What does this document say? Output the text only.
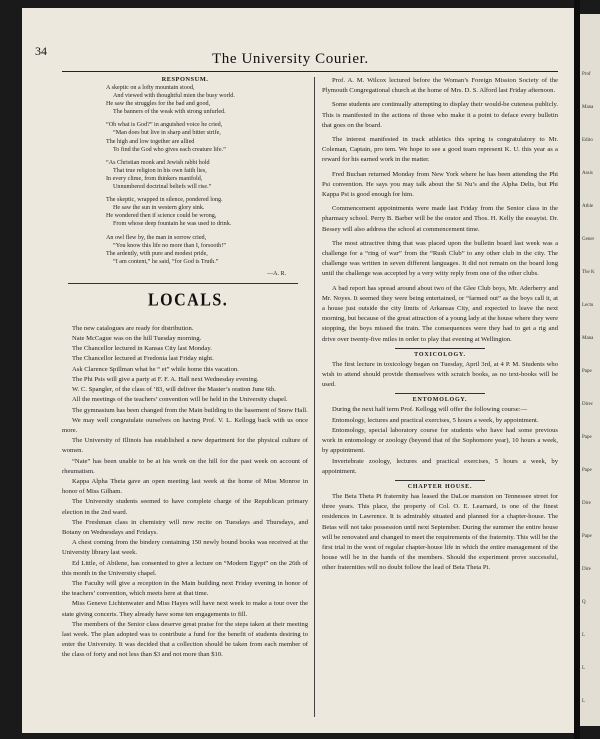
34	The University Courier.
RESPONSUM.
A skeptic on a lofty mountain stood,
And viewed with thoughtful mien the busy world.
He saw the struggles for the bad and good,
The banners of the weak with strong unfurled.
“Oh what is God?” in anguished voice he cried,
“Man does but live in sharp and bitter strife,
The high and low together are allied
To find the God who gives each creature life.”
“As Christian monk and Jewish rabbi hold
That true religion in his own faith lies,
In every clime, from thinkers manifold,
Unnumbered doctrinal beliefs will rise.”
The skeptic, wrapped in silence, pondered long.
He saw the sun in western glory sink.
He wondered then if science could be wrong,
From whose deep fountain he was used to drink.
An owl flew by, the man in sorrow cried,
“You know this life no more than I, forsooth!”
The ardently, with pure and modest pride,
“I am content,” he said, “for God is Truth.”
—A. R.
LOCALS.

The new catalogues are ready for distribution.

Nate McCague was on the hill Tuesday morning.

The Chancellor lectured in Kansas City last Monday.

The Chancellor lectured at Fredonia last Friday night.

Ask Clarence Spillman what he “ et” while home this vacation.

The Phi Psis will give a party at F. F. A. Hall next Wednesday evening.

W. C. Spangler, of the class of ’83, will deliver the Master’s oration June 6th.

All the meetings of the teachers’ convention will be held in the University chapel.

The gymnasium has been changed from the Main building to the basement of Snow Hall.

We may well congratulate ourselves on having Prof. V. L. Kellogg back with us once more.

The University of Illinois has established a new department for the physical culture of women.

“Nate” has been unable to be at his work on the hill for the past week on account of rheumatism.

Kappa Alpha Theta gave an open meeting last week at the home of Miss Monroe in honor of Miss Gilham.

The University students seemed to have complete charge of the Republican primary election in the 2nd ward.

The Freshman class in chemistry will now recite on Tuesdays and Thursdays, and Botany on Wednesdays and Fridays.

A chest coming from the bindery containing 150 newly bound books was received at the University library last week.

Ed Little, of Abilene, has consented to give a lecture on “Modern Egypt” on the 26th of this month in the University chapel.

The Faculty will give a reception in the Main building next Friday evening in honor of the teachers’ convention, which meets here at that time.

Miss Geneve Lichtenwater and Miss Hayes will have next week to make a tour over the state giving concerts. They already have some ten engagements to fill.

The members of the Senior class deserve great praise for the steps taken at their meeting last week. The plan adopted was to contribute a fund for the benefit of students desiring to enter the University. It was decided that a collection should be taken from each member of the class of forty and not less than $3 and not more than $10.

Prof. A. M. Wilcox lectured before the Woman’s Foreign Mission Society of the Plymouth Congregational church at the home of Mrs. D. S. Alford last Friday afternoon.

Some students are continually attempting to display their would-be cuteness publicly. This is manifested in the actions of those who make it a point to deface every bulletin that goes on the board.

The interest manifested in track athletics this spring is congratulatory to Mr. Coleman, Captain, pro tem. We hope to see a good team represent K. U. this year as a reward for his earned work in the matter.

Fred Buchan returned Monday from New York where he has been attending the Phi Psi convention. He says you may talk about the Si Nu’s and the Alpha Delts, but Phi Kappa Psi is good enough for him.

Commencement appointments were made last Friday from the Senior class in the pharmacy school. Perry B. Barber will be the orator and Thos. H. Kelly the essayist. Dr. Bessey will also address the school at commencement time.

The most attractive thing that was placed upon the bulletin board last week was a challenge for a “ring of war” from the “Rush Club” to any other club in the city. The challenge was written in seven different languages. It did not remain on the board long until the challenge was accepted by a very witty reply from one of the other clubs.

A bad report has spread around about two of the Glee Club boys, Mr. Aderberry and Mr. Noyes. It seemed they were being entertained, or “farmed out” as the boys call it, at a house just outside the city limits of Arkansas City, and expected to leave the next morning, but because of the great attraction of a young lady at the house where they were stopping, the boys missed the train. The consequences were they had to get a rig and drive over twenty-five miles in order to play that evening at Wellington.

TOXICOLOGY.

The first lecture in toxicology began on Tuesday, April 3rd, at 4 P. M. Students who wish to attend should provide themselves with scratch books, as no text-books will be used.

ENTOMOLOGY.

During the next half term Prof. Kellogg will offer the following course:—

Entomology, lectures and practical exercises, 5 hours a week, by appointment.

Entomology, special laboratory course for students who have had some previous work in entomology or zoology (beyond that of the Sophomore year), 10 hours a week, by appointment.

Invertebrate zoology, lectures and practical exercises, 5 hours a week, by appointment.

CHAPTER HOUSE.

The Beta Theta Pi fraternity has leased the DaLoe mansion on Tennessee street for three years. This place, the property of Col. O. E. Learnard, is one of the finest residences in Lawrence. It is admirably situated and planned for a chapter-house. The Betas will not take possession until next September. During the summer the entire house will be renovated and changed to meet the requirements of the fraternity. This will be the first trial in the west of regular chapter-house life in which the entire management of the house will be in the hands of the members. Should the experiment prove successful, other fraternities will no doubt follow the lead of Beta Theta Pi.

Prof
Mana
Edito
Assis
Athle
Gener
The K
Lectu
Mana
Pape
Direc
Pape
Pape
Dire
Pape
Dire
Q
L
L
L
